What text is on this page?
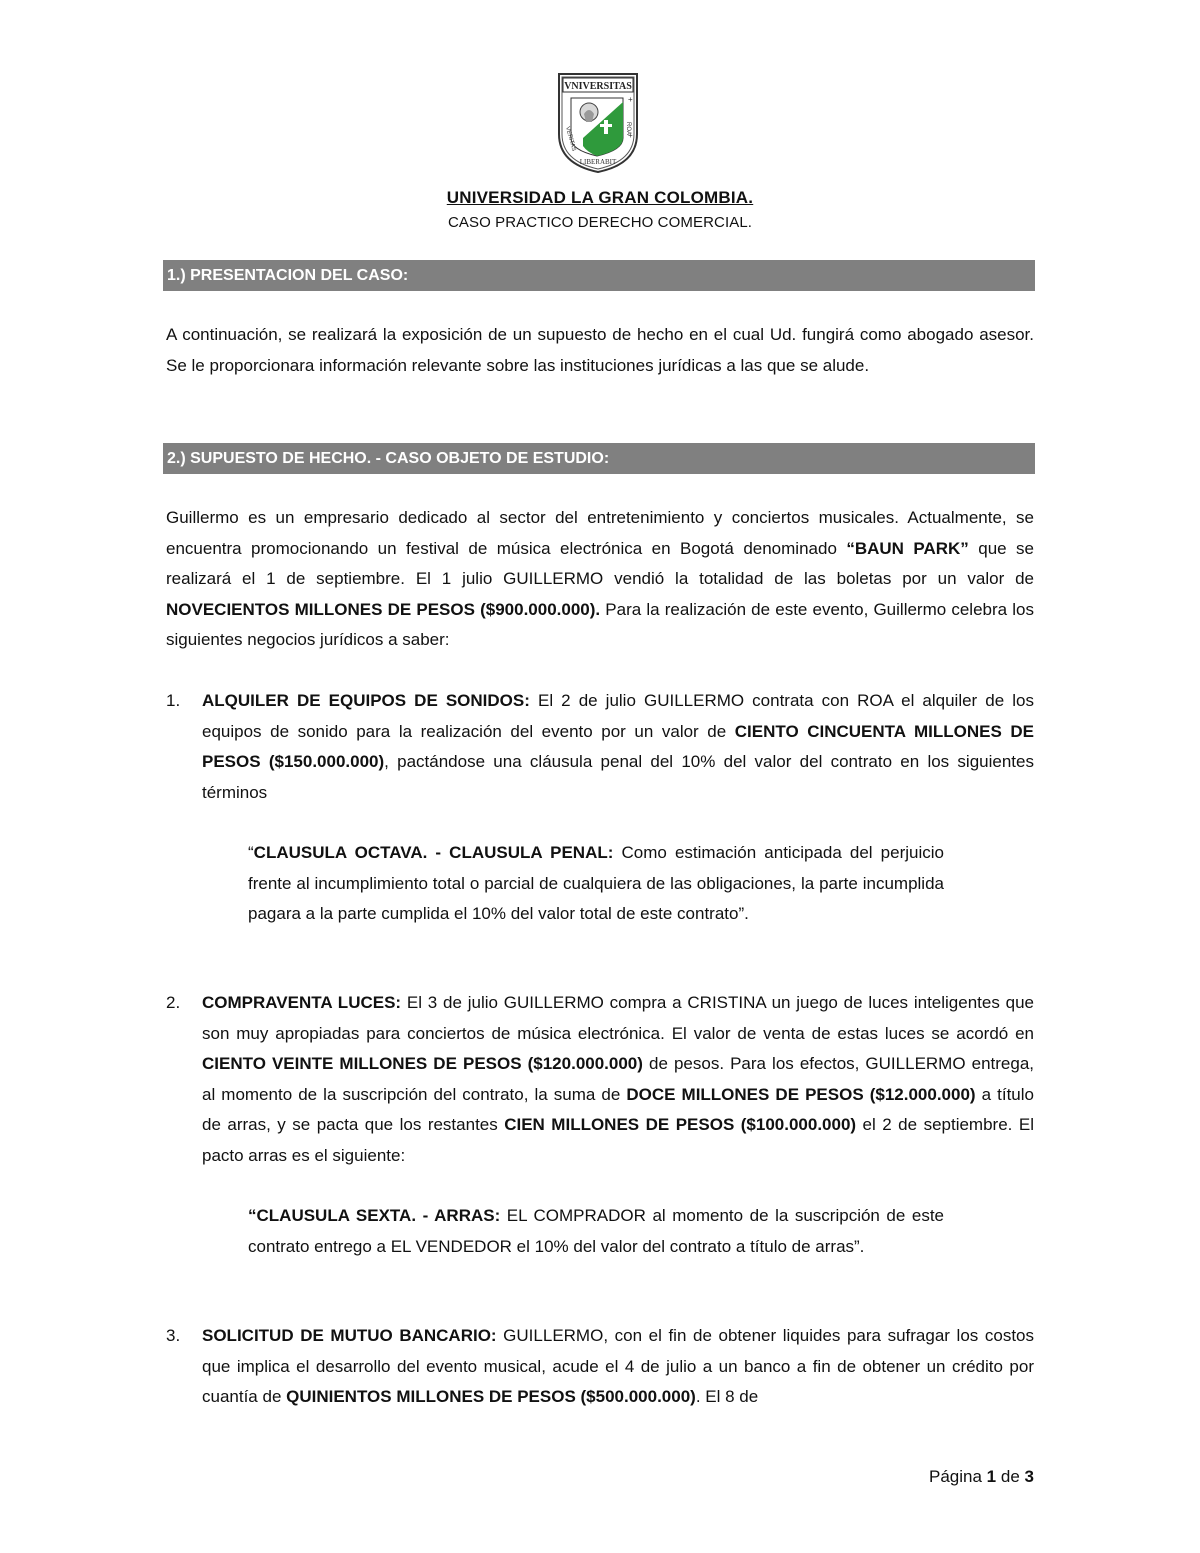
VNIVERSITAS
VERITAS	ROA
LIBERABIT
+
+
UNIVERSIDAD LA GRAN COLOMBIA.
CASO PRACTICO DERECHO COMERCIAL.
1.) PRESENTACION DEL CASO:

A continuación, se realizará la exposición de un supuesto de hecho en el cual Ud. fungirá como abogado asesor. Se le proporcionara información relevante sobre las instituciones jurídicas a las que se alude.

2.) SUPUESTO DE HECHO. - CASO OBJETO DE ESTUDIO:

Guillermo es un empresario dedicado al sector del entretenimiento y conciertos musicales. Actualmente, se encuentra promocionando un festival de música electrónica en Bogotá denominado “BAUN PARK” que se realizará el 1 de septiembre. El 1 julio GUILLERMO vendió la totalidad de las boletas por un valor de NOVECIENTOS MILLONES DE PESOS ($900.000.000). Para la realización de este evento, Guillermo celebra los siguientes negocios jurídicos a saber:

1. ALQUILER DE EQUIPOS DE SONIDOS: El 2 de julio GUILLERMO contrata con ROA el alquiler de los equipos de sonido para la realización del evento por un valor de CIENTO CINCUENTA MILLONES DE PESOS ($150.000.000), pactándose una cláusula penal del 10% del valor del contrato en los siguientes términos
“CLAUSULA OCTAVA. - CLAUSULA PENAL: Como estimación anticipada del perjuicio frente al incumplimiento total o parcial de cualquiera de las obligaciones, la parte incumplida pagara a la parte cumplida el 10% del valor total de este contrato”.
2. COMPRAVENTA LUCES: El 3 de julio GUILLERMO compra a CRISTINA un juego de luces inteligentes que son muy apropiadas para conciertos de música electrónica. El valor de venta de estas luces se acordó en CIENTO VEINTE MILLONES DE PESOS ($120.000.000) de pesos. Para los efectos, GUILLERMO entrega, al momento de la suscripción del contrato, la suma de DOCE MILLONES DE PESOS ($12.000.000) a título de arras, y se pacta que los restantes CIEN MILLONES DE PESOS ($100.000.000) el 2 de septiembre. El pacto arras es el siguiente:
“CLAUSULA SEXTA. - ARRAS: EL COMPRADOR al momento de la suscripción de este contrato entrego a EL VENDEDOR el 10% del valor del contrato a título de arras”.
3. SOLICITUD DE MUTUO BANCARIO: GUILLERMO, con el fin de obtener liquides para sufragar los costos que implica el desarrollo del evento musical, acude el 4 de julio a un banco a fin de obtener un crédito por cuantía de QUINIENTOS MILLONES DE PESOS ($500.000.000). El 8 de
Página 1 de 3
